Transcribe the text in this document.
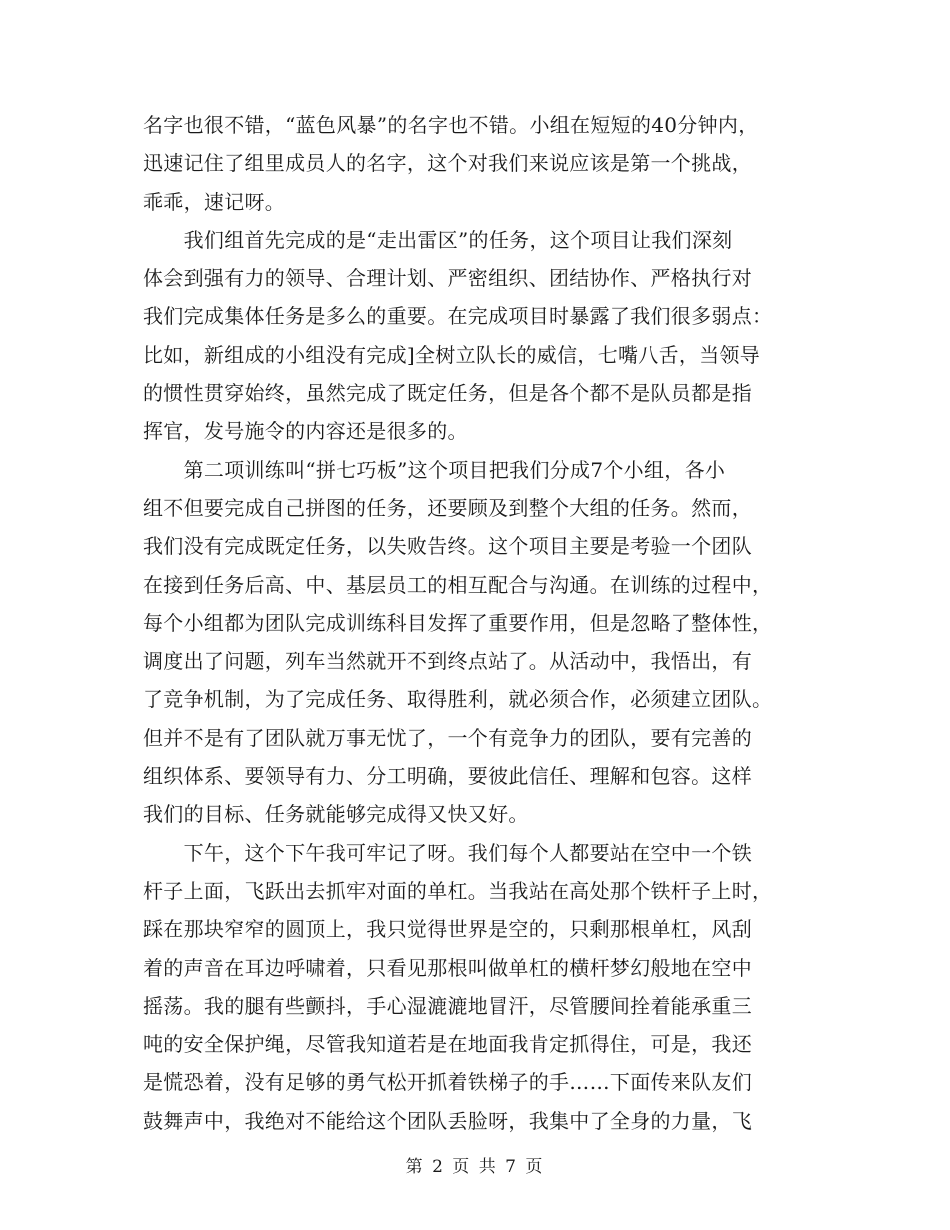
名字也很不错，“蓝色风暴”的名字也不错。小组在短短的40分钟内，
迅速记住了组里成员人的名字，这个对我们来说应该是第一个挑战，
乖乖，速记呀。
　　我们组首先完成的是“走出雷区”的任务，这个项目让我们深刻
体会到强有力的领导、合理计划、严密组织、团结协作、严格执行对
我们完成集体任务是多么的重要。在完成项目时暴露了我们很多弱点：
比如，新组成的小组没有完成]全树立队长的威信，七嘴八舌，当领导
的惯性贯穿始终，虽然完成了既定任务，但是各个都不是队员都是指
挥官，发号施令的内容还是很多的。
　　第二项训练叫“拼七巧板”这个项目把我们分成7个小组，各小
组不但要完成自己拼图的任务，还要顾及到整个大组的任务。然而，
我们没有完成既定任务，以失败告终。这个项目主要是考验一个团队
在接到任务后高、中、基层员工的相互配合与沟通。在训练的过程中，
每个小组都为团队完成训练科目发挥了重要作用，但是忽略了整体性，
调度出了问题，列车当然就开不到终点站了。从活动中，我悟出，有
了竞争机制，为了完成任务、取得胜利，就必须合作，必须建立团队。
但并不是有了团队就万事无忧了，一个有竞争力的团队，要有完善的
组织体系、要领导有力、分工明确，要彼此信任、理解和包容。这样
我们的目标、任务就能够完成得又快又好。
　　下午，这个下午我可牢记了呀。我们每个人都要站在空中一个铁
杆子上面，飞跃出去抓牢对面的单杠。当我站在高处那个铁杆子上时，
踩在那块窄窄的圆顶上，我只觉得世界是空的，只剩那根单杠，风刮
着的声音在耳边呼啸着，只看见那根叫做单杠的横杆梦幻般地在空中
摇荡。我的腿有些颤抖，手心湿漉漉地冒汗，尽管腰间拴着能承重三
吨的安全保护绳，尽管我知道若是在地面我肯定抓得住，可是，我还
是慌恐着，没有足够的勇气松开抓着铁梯子的手……下面传来队友们
鼓舞声中，我绝对不能给这个团队丢脸呀，我集中了全身的力量，飞
第 2 页 共 7 页
